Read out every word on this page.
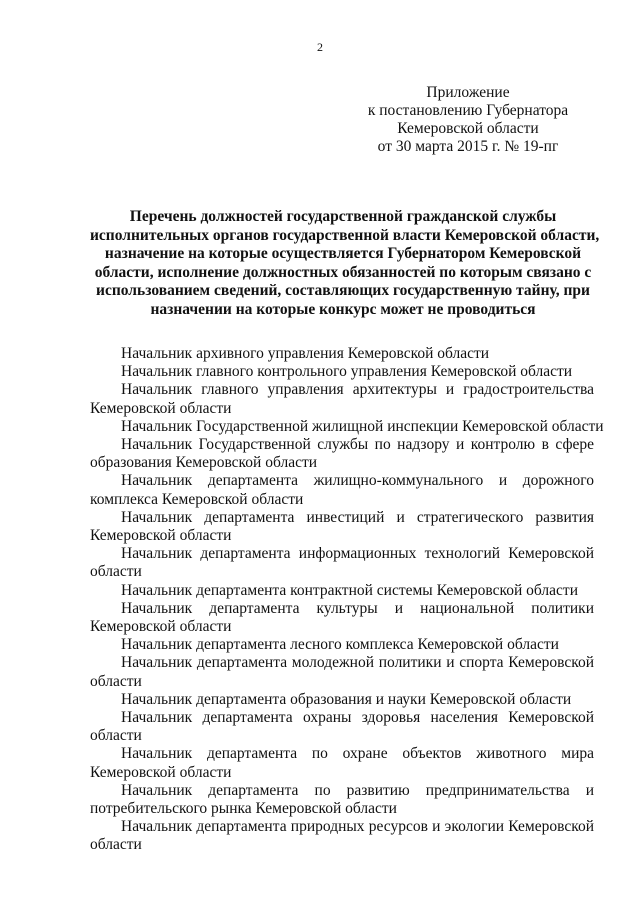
2
Приложение
к постановлению Губернатора
Кемеровской области
от 30 марта 2015 г. № 19-пг
Перечень должностей государственной гражданской службы
исполнительных органов государственной власти Кемеровской области,
назначение на которые осуществляется Губернатором Кемеровской
области, исполнение должностных обязанностей по которым связано с
использованием сведений, составляющих государственную тайну, при
назначении на которые конкурс может не проводиться
Начальник архивного управления Кемеровской области
Начальник главного контрольного управления Кемеровской области
Начальник главного управления архитектуры и градостроительства
Кемеровской области
Начальник Государственной жилищной инспекции Кемеровской области
Начальник Государственной службы по надзору и контролю в сфере
образования Кемеровской области
Начальник департамента жилищно-коммунального и дорожного
комплекса Кемеровской области
Начальник департамента инвестиций и стратегического развития
Кемеровской области
Начальник департамента информационных технологий Кемеровской
области
Начальник департамента контрактной системы Кемеровской области
Начальник департамента культуры и национальной политики
Кемеровской области
Начальник департамента лесного комплекса Кемеровской области
Начальник департамента молодежной политики и спорта Кемеровской
области
Начальник департамента образования и науки Кемеровской области
Начальник департамента охраны здоровья населения Кемеровской
области
Начальник департамента по охране объектов животного мира
Кемеровской области
Начальник департамента по развитию предпринимательства и
потребительского рынка Кемеровской области
Начальник департамента природных ресурсов и экологии Кемеровской
области
